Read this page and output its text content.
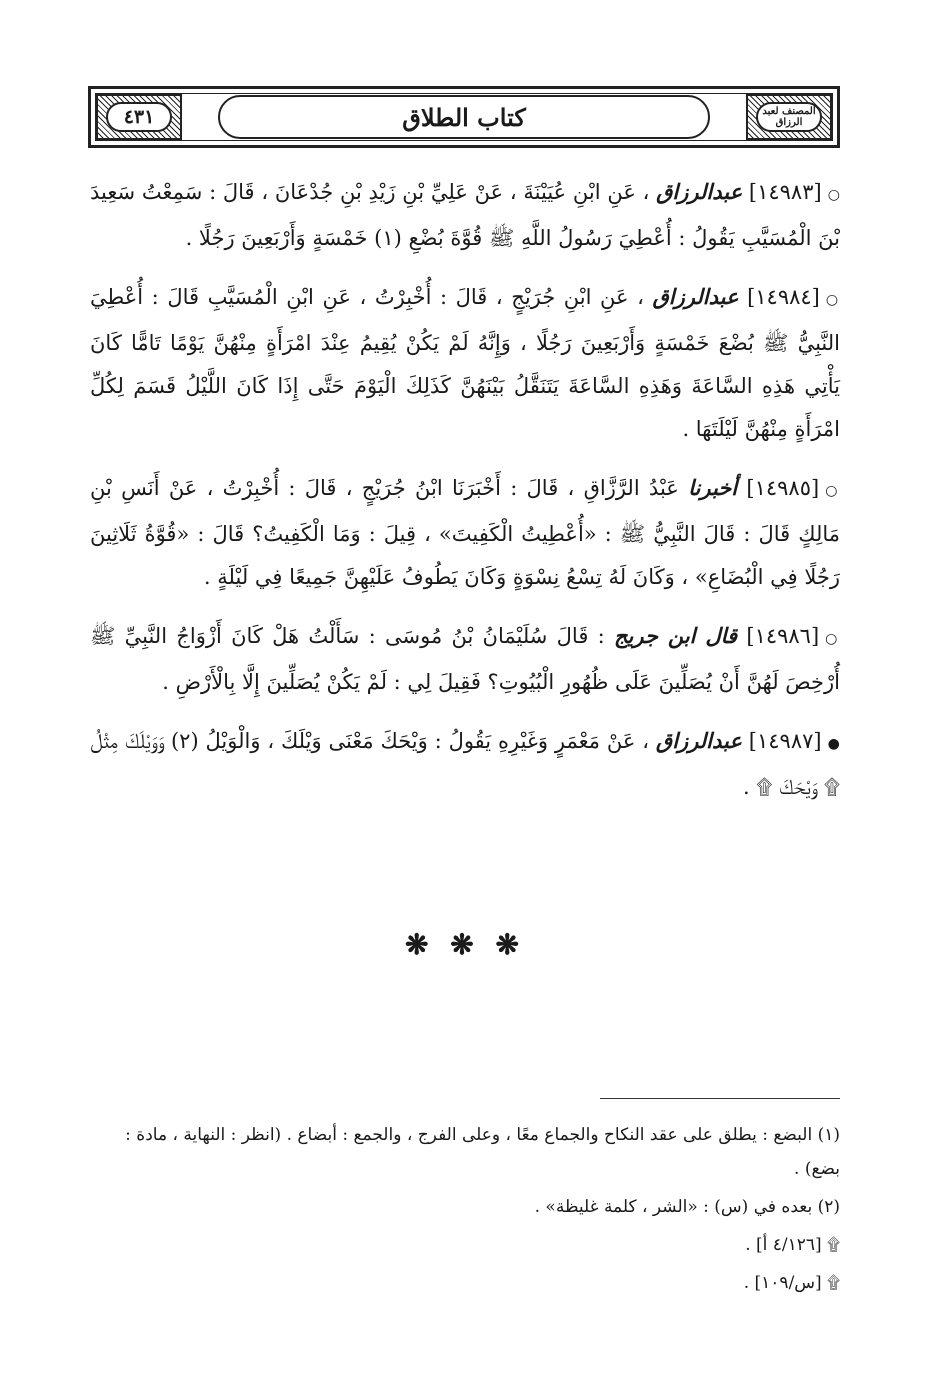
٤٣١	كتاب الطلاق	المصنف لعبد الرزاق

○[١٤٩٨٣] عبدالرزاق ، عَنِ ابْنِ عُيَيْنَةَ ، عَنْ عَلِيِّ بْنِ زَيْدِ بْنِ جُدْعَانَ ، قَالَ : سَمِعْتُ سَعِيدَ بْنَ الْمُسَيَّبِ يَقُولُ : أُعْطِيَ رَسُولُ اللَّهِ ﷺ قُوَّةَ بُضْعِ (١) خَمْسَةٍ وَأَرْبَعِينَ رَجُلًا .

○[١٤٩٨٤] عبدالرزاق ، عَنِ ابْنِ جُرَيْجٍ ، قَالَ : أُخْبِرْتُ ، عَنِ ابْنِ الْمُسَيَّبِ قَالَ : أُعْطِيَ النَّبِيُّ ﷺ بُضْعَ خَمْسَةٍ وَأَرْبَعِينَ رَجُلًا ، وَإِنَّهُ لَمْ يَكُنْ يُقِيمُ عِنْدَ امْرَأَةٍ مِنْهُنَّ يَوْمًا تَامًّا كَانَ يَأْتِي هَذِهِ السَّاعَةَ وَهَذِهِ السَّاعَةَ يَتَنَقَّلُ بَيْنَهُنَّ كَذَلِكَ الْيَوْمَ حَتَّى إِذَا كَانَ اللَّيْلُ قَسَمَ لِكُلِّ امْرَأَةٍ مِنْهُنَّ لَيْلَتَهَا .

○[١٤٩٨٥] أخبرنا عَبْدُ الرَّزَّاقِ ، قَالَ : أَخْبَرَنَا ابْنُ جُرَيْجٍ ، قَالَ : أُخْبِرْتُ ، عَنْ أَنَسِ بْنِ مَالِكٍ قَالَ : قَالَ النَّبِيُّ ﷺ : «أُعْطِيتُ الْكَفِيتَ» ، قِيلَ : وَمَا الْكَفِيتُ؟ قَالَ : «قُوَّةُ ثَلَاثِينَ رَجُلًا فِي الْبُضَاعِ» ، وَكَانَ لَهُ تِسْعُ نِسْوَةٍ وَكَانَ يَطُوفُ عَلَيْهِنَّ جَمِيعًا فِي لَيْلَةٍ .

○[١٤٩٨٦] قال ابن جريج : قَالَ سُلَيْمَانُ بْنُ مُوسَى : سَأَلْتُ هَلْ كَانَ أَزْوَاجُ النَّبِيِّ ﷺ أُرْخِصَ لَهُنَّ أَنْ يُصَلِّينَ عَلَى ظُهُورِ الْبُيُوتِ؟ فَقِيلَ لِي : لَمْ يَكُنْ يُصَلِّينَ إِلَّا بِالْأَرْضِ .

●[١٤٩٨٧] عبدالرزاق ، عَنْ مَعْمَرٍ وَغَيْرِهِ يَقُولُ : وَيْحَكَ مَعْنَى وَيْلَكَ ، وَالْوَيْلُ (٢) وَوَيْلَكَ مِثْلُ ۩ وَيْحَكَ ۩ .

❋ ❋ ❋

(١) البضع : يطلق على عقد النكاح والجماع معًا ، وعلى الفرج ، والجمع : أبضاع . (انظر : النهاية ، مادة : بضع) .

(٢) بعده في (س) : «الشر ، كلمة غليظة» .

۩ [٤/١٢٦ أ] .

۩ [س/١٠٩] .
